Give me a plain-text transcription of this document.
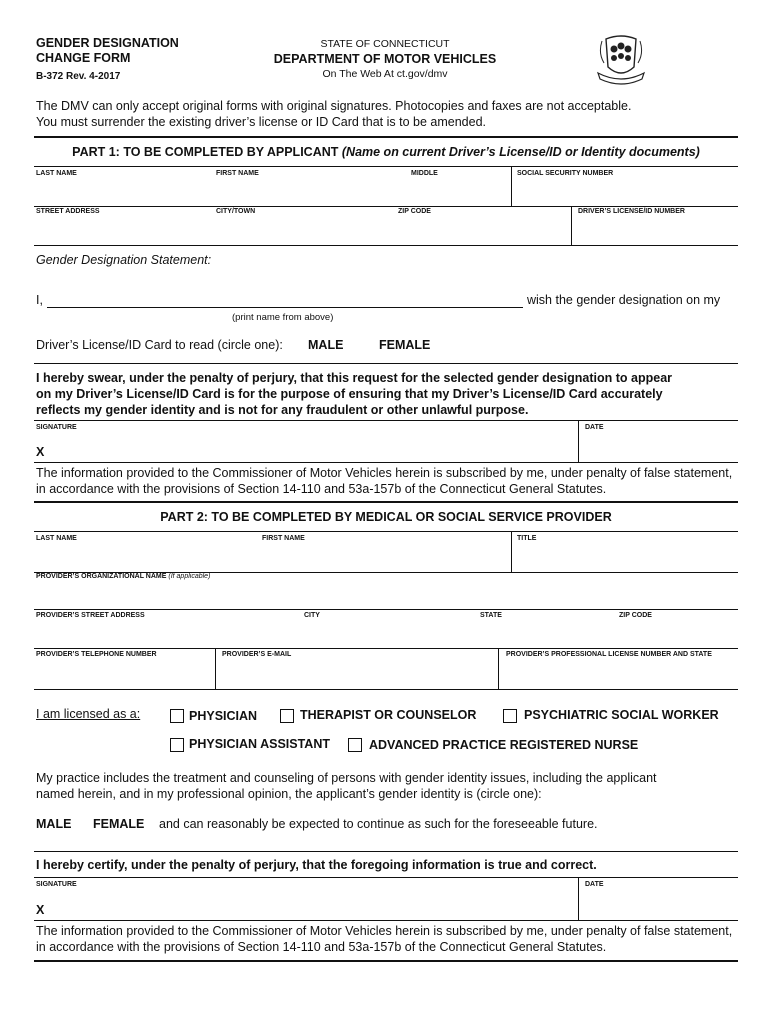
GENDER DESIGNATION
CHANGE FORM
B-372 Rev. 4-2017
STATE OF CONNECTICUT
DEPARTMENT OF MOTOR VEHICLES
On The Web At ct.gov/dmv
The DMV can only accept original forms with original signatures. Photocopies and faxes are not acceptable.
You must surrender the existing driver’s license or ID Card that is to be amended.
PART 1: TO BE COMPLETED BY APPLICANT (Name on current Driver’s License/ID or Identity documents)
LAST NAME	FIRST NAME	MIDDLE	SOCIAL SECURITY NUMBER
STREET ADDRESS	CITY/TOWN	ZIP CODE	DRIVER’S LICENSE/ID NUMBER
Gender Designation Statement:
I,	wish the gender designation on my
(print name from above)
Driver’s License/ID Card to read (circle one): MALE	FEMALE
I hereby swear, under the penalty of perjury, that this request for the selected gender designation to appear
on my Driver’s License/ID Card is for the purpose of ensuring that my Driver’s License/ID Card accurately
reflects my gender identity and is not for any fraudulent or other unlawful purpose.
SIGNATURE	DATE
X
The information provided to the Commissioner of Motor Vehicles herein is subscribed by me, under penalty of false statement,
in accordance with the provisions of Section 14-110 and 53a-157b of the Connecticut General Statutes.
PART 2: TO BE COMPLETED BY MEDICAL OR SOCIAL SERVICE PROVIDER
LAST NAME	FIRST NAME	TITLE
PROVIDER’S ORGANIZATIONAL NAME (If applicable)
PROVIDER’S STREET ADDRESS	CITY	STATE	ZIP CODE
PROVIDER’S TELEPHONE NUMBER	PROVIDER’S E-MAIL	PROVIDER’S PROFESSIONAL LICENSE NUMBER AND STATE
I am licensed as a:	PHYSICIAN	THERAPIST OR COUNSELOR	PSYCHIATRIC SOCIAL WORKER
PHYSICIAN ASSISTANT	ADVANCED PRACTICE REGISTERED NURSE
My practice includes the treatment and counseling of persons with gender identity issues, including the applicant
named herein, and in my professional opinion, the applicant’s gender identity is (circle one):
MALE FEMALE and can reasonably be expected to continue as such for the foreseeable future.
I hereby certify, under the penalty of perjury, that the foregoing information is true and correct.
SIGNATURE	DATE
X
The information provided to the Commissioner of Motor Vehicles herein is subscribed by me, under penalty of false statement,
in accordance with the provisions of Section 14-110 and 53a-157b of the Connecticut General Statutes.
